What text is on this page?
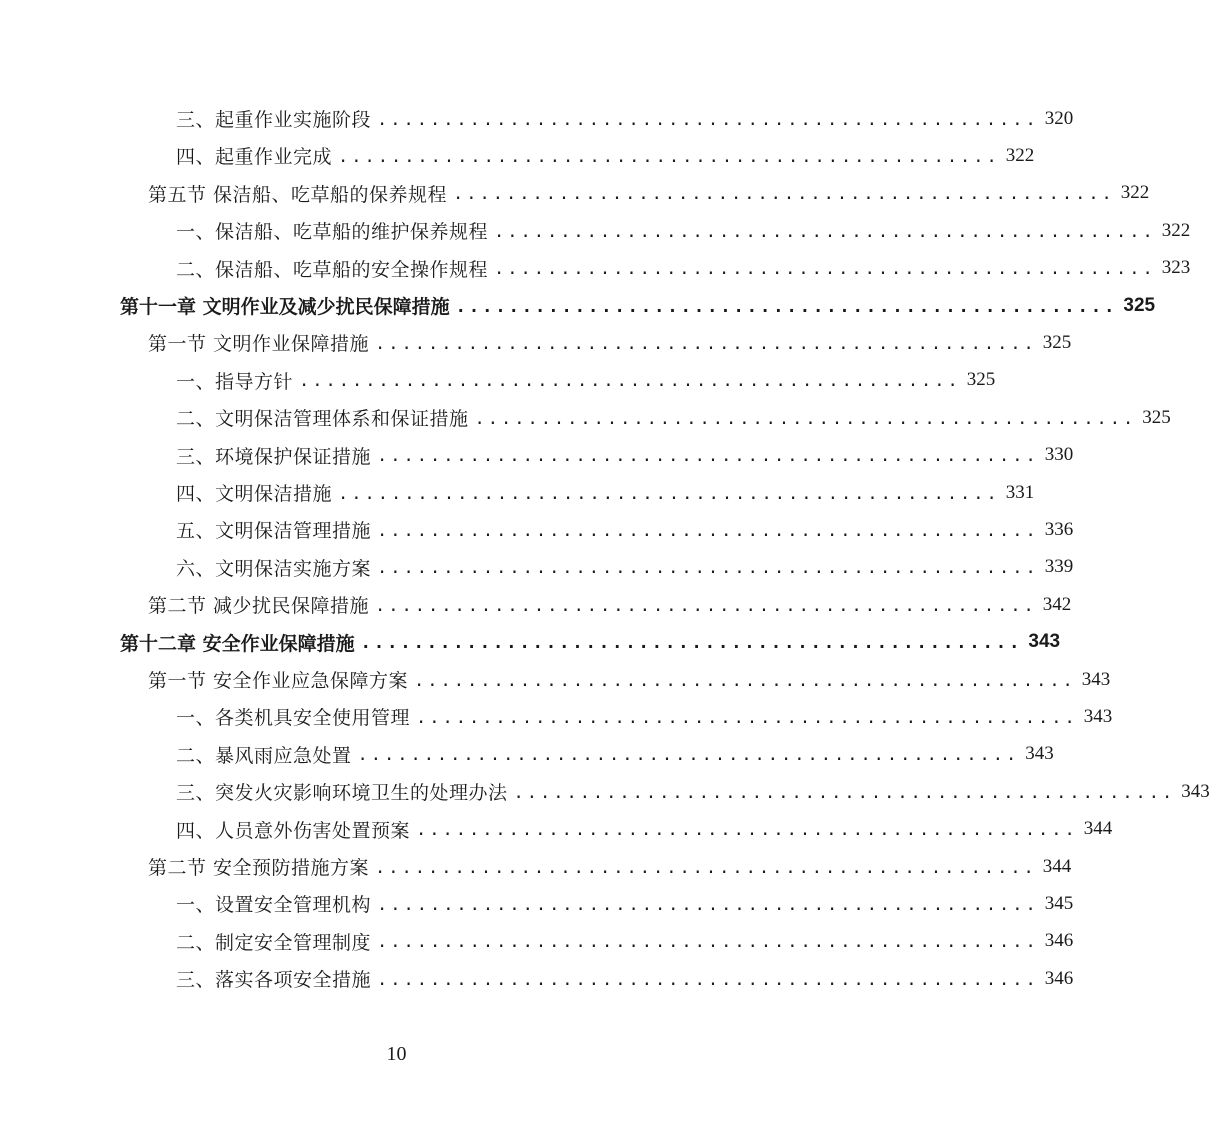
三、起重作业实施阶段 .................................................. 320
四、起重作业完成 .................................................. 322
第五节 保洁船、吃草船的保养规程 .................................................. 322
一、保洁船、吃草船的维护保养规程 .................................................. 322
二、保洁船、吃草船的安全操作规程 .................................................. 323
第十一章 文明作业及减少扰民保障措施 .................................................. 325
第一节 文明作业保障措施 .................................................. 325
一、指导方针 .................................................. 325
二、文明保洁管理体系和保证措施 .................................................. 325
三、环境保护保证措施 .................................................. 330
四、文明保洁措施 .................................................. 331
五、文明保洁管理措施 .................................................. 336
六、文明保洁实施方案 .................................................. 339
第二节 减少扰民保障措施 .................................................. 342
第十二章 安全作业保障措施 .................................................. 343
第一节 安全作业应急保障方案 .................................................. 343
一、各类机具安全使用管理 .................................................. 343
二、暴风雨应急处置 .................................................. 343
三、突发火灾影响环境卫生的处理办法 .................................................. 343
四、人员意外伤害处置预案 .................................................. 344
第二节 安全预防措施方案 .................................................. 344
一、设置安全管理机构 .................................................. 345
二、制定安全管理制度 .................................................. 346
三、落实各项安全措施 .................................................. 346
10
